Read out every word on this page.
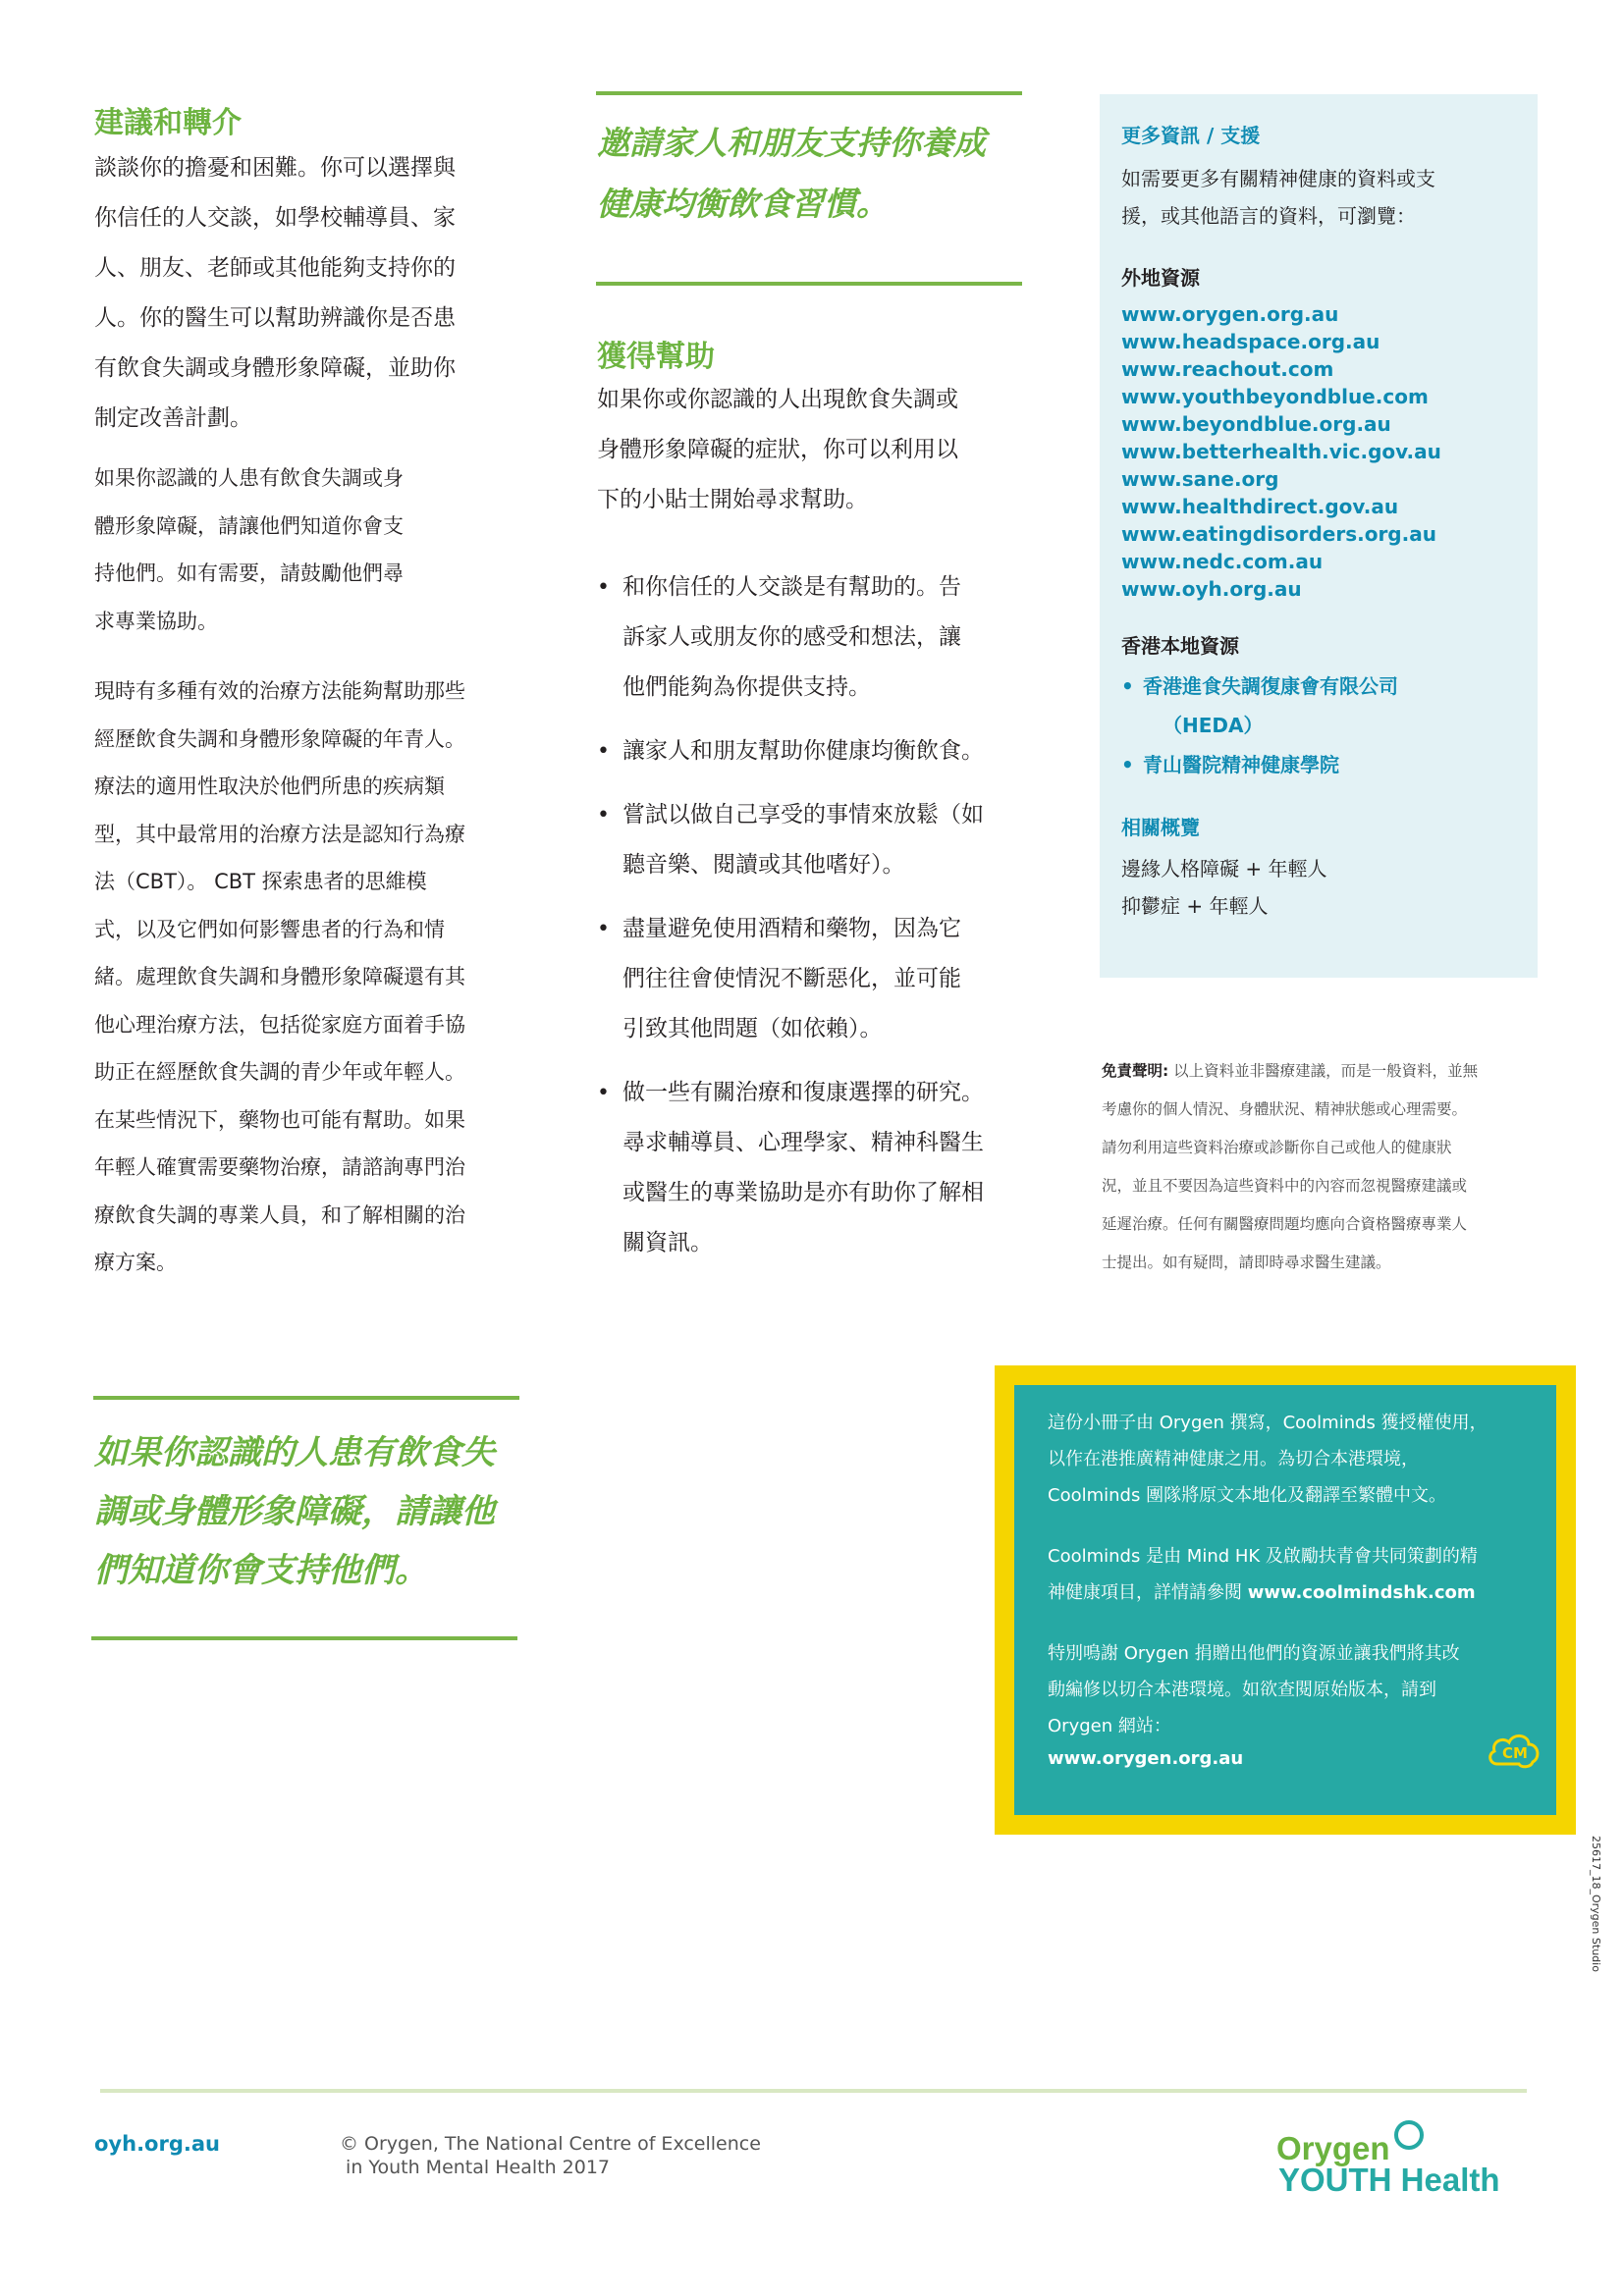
建議和轉介

談談你的擔憂和困難。你可以選擇與

你信任的人交談，如學校輔導員、家

人、朋友、老師或其他能夠支持你的

人。你的醫生可以幫助辨識你是否患

有飲食失調或身體形象障礙，並助你

制定改善計劃。

如果你認識的人患有飲食失調或身

體形象障礙，請讓他們知道你會支

持他們。如有需要，請鼓勵他們尋

求專業協助。

現時有多種有效的治療方法能夠幫助那些

經歷飲食失調和身體形象障礙的年青人。

療法的適用性取決於他們所患的疾病類

型，其中最常用的治療方法是認知行為療

法（CBT）。 CBT 探索患者的思維模

式，以及它們如何影響患者的行為和情

緒。處理飲食失調和身體形象障礙還有其

他心理治療方法，包括從家庭方面着手協

助正在經歷飲食失調的青少年或年輕人。

在某些情況下，藥物也可能有幫助。如果

年輕人確實需要藥物治療，請諮詢專門治

療飲食失調的專業人員，和了解相關的治

療方案。

如果你認識的人患有飲食失

調或身體形象障礙，請讓他

們知道你會支持他們。

邀請家人和朋友支持你養成

健康均衡飲食習慣。

獲得幫助

如果你或你認識的人出現飲食失調或

身體形象障礙的症狀，你可以利用以

下的小貼士開始尋求幫助。

• 和你信任的人交談是有幫助的。告
訴家人或朋友你的感受和想法，讓
他們能夠為你提供支持。
• 讓家人和朋友幫助你健康均衡飲食。
• 嘗試以做自己享受的事情來放鬆（如
聽音樂、閱讀或其他嗜好）。
• 盡量避免使用酒精和藥物，因為它
們往往會使情況不斷惡化，並可能
引致其他問題（如依賴）。
• 做一些有關治療和復康選擇的研究。
尋求輔導員、心理學家、精神科醫生
或醫生的專業協助是亦有助你了解相
關資訊。

更多資訊 / 支援

如需要更多有關精神健康的資料或支

援，或其他語言的資料，可瀏覽：

外地資源

www.orygen.org.au
www.headspace.org.au
www.reachout.com
www.youthbeyondblue.com
www.beyondblue.org.au
www.betterhealth.vic.gov.au
www.sane.org
www.healthdirect.gov.au
www.eatingdisorders.org.au
www.nedc.com.au
www.oyh.org.au

香港本地資源

• 香港進食失調復康會有限公司
（HEDA）
• 青山醫院精神健康學院

相關概覽

邊緣人格障礙 + 年輕人

抑鬱症 + 年輕人

免責聲明: 以上資料並非醫療建議，而是一般資料，並無

考慮你的個人情況、身體狀況、精神狀態或心理需要。

請勿利用這些資料治療或診斷你自己或他人的健康狀

況，並且不要因為這些資料中的內容而忽視醫療建議或

延遲治療。任何有關醫療問題均應向合資格醫療專業人

士提出。如有疑問，請即時尋求醫生建議。

這份小冊子由 Orygen 撰寫，Coolminds 獲授權使用，

以作在港推廣精神健康之用。為切合本港環境，

Coolminds 團隊將原文本地化及翻譯至繁體中文。

Coolminds 是由 Mind HK 及啟勵扶青會共同策劃的精

神健康項目，詳情請參閱 www.coolmindshk.com

特別鳴謝 Orygen 捐贈出他們的資源並讓我們將其改

動編修以切合本港環境。如欲查閱原始版本，請到

Orygen 網站：

www.orygen.org.au	CM
25617_18_Orygen Studio
oyh.org.au	© Orygen, The National Centre of Excellence
in Youth Mental Health 2017
Orygen
YOUTH Health
